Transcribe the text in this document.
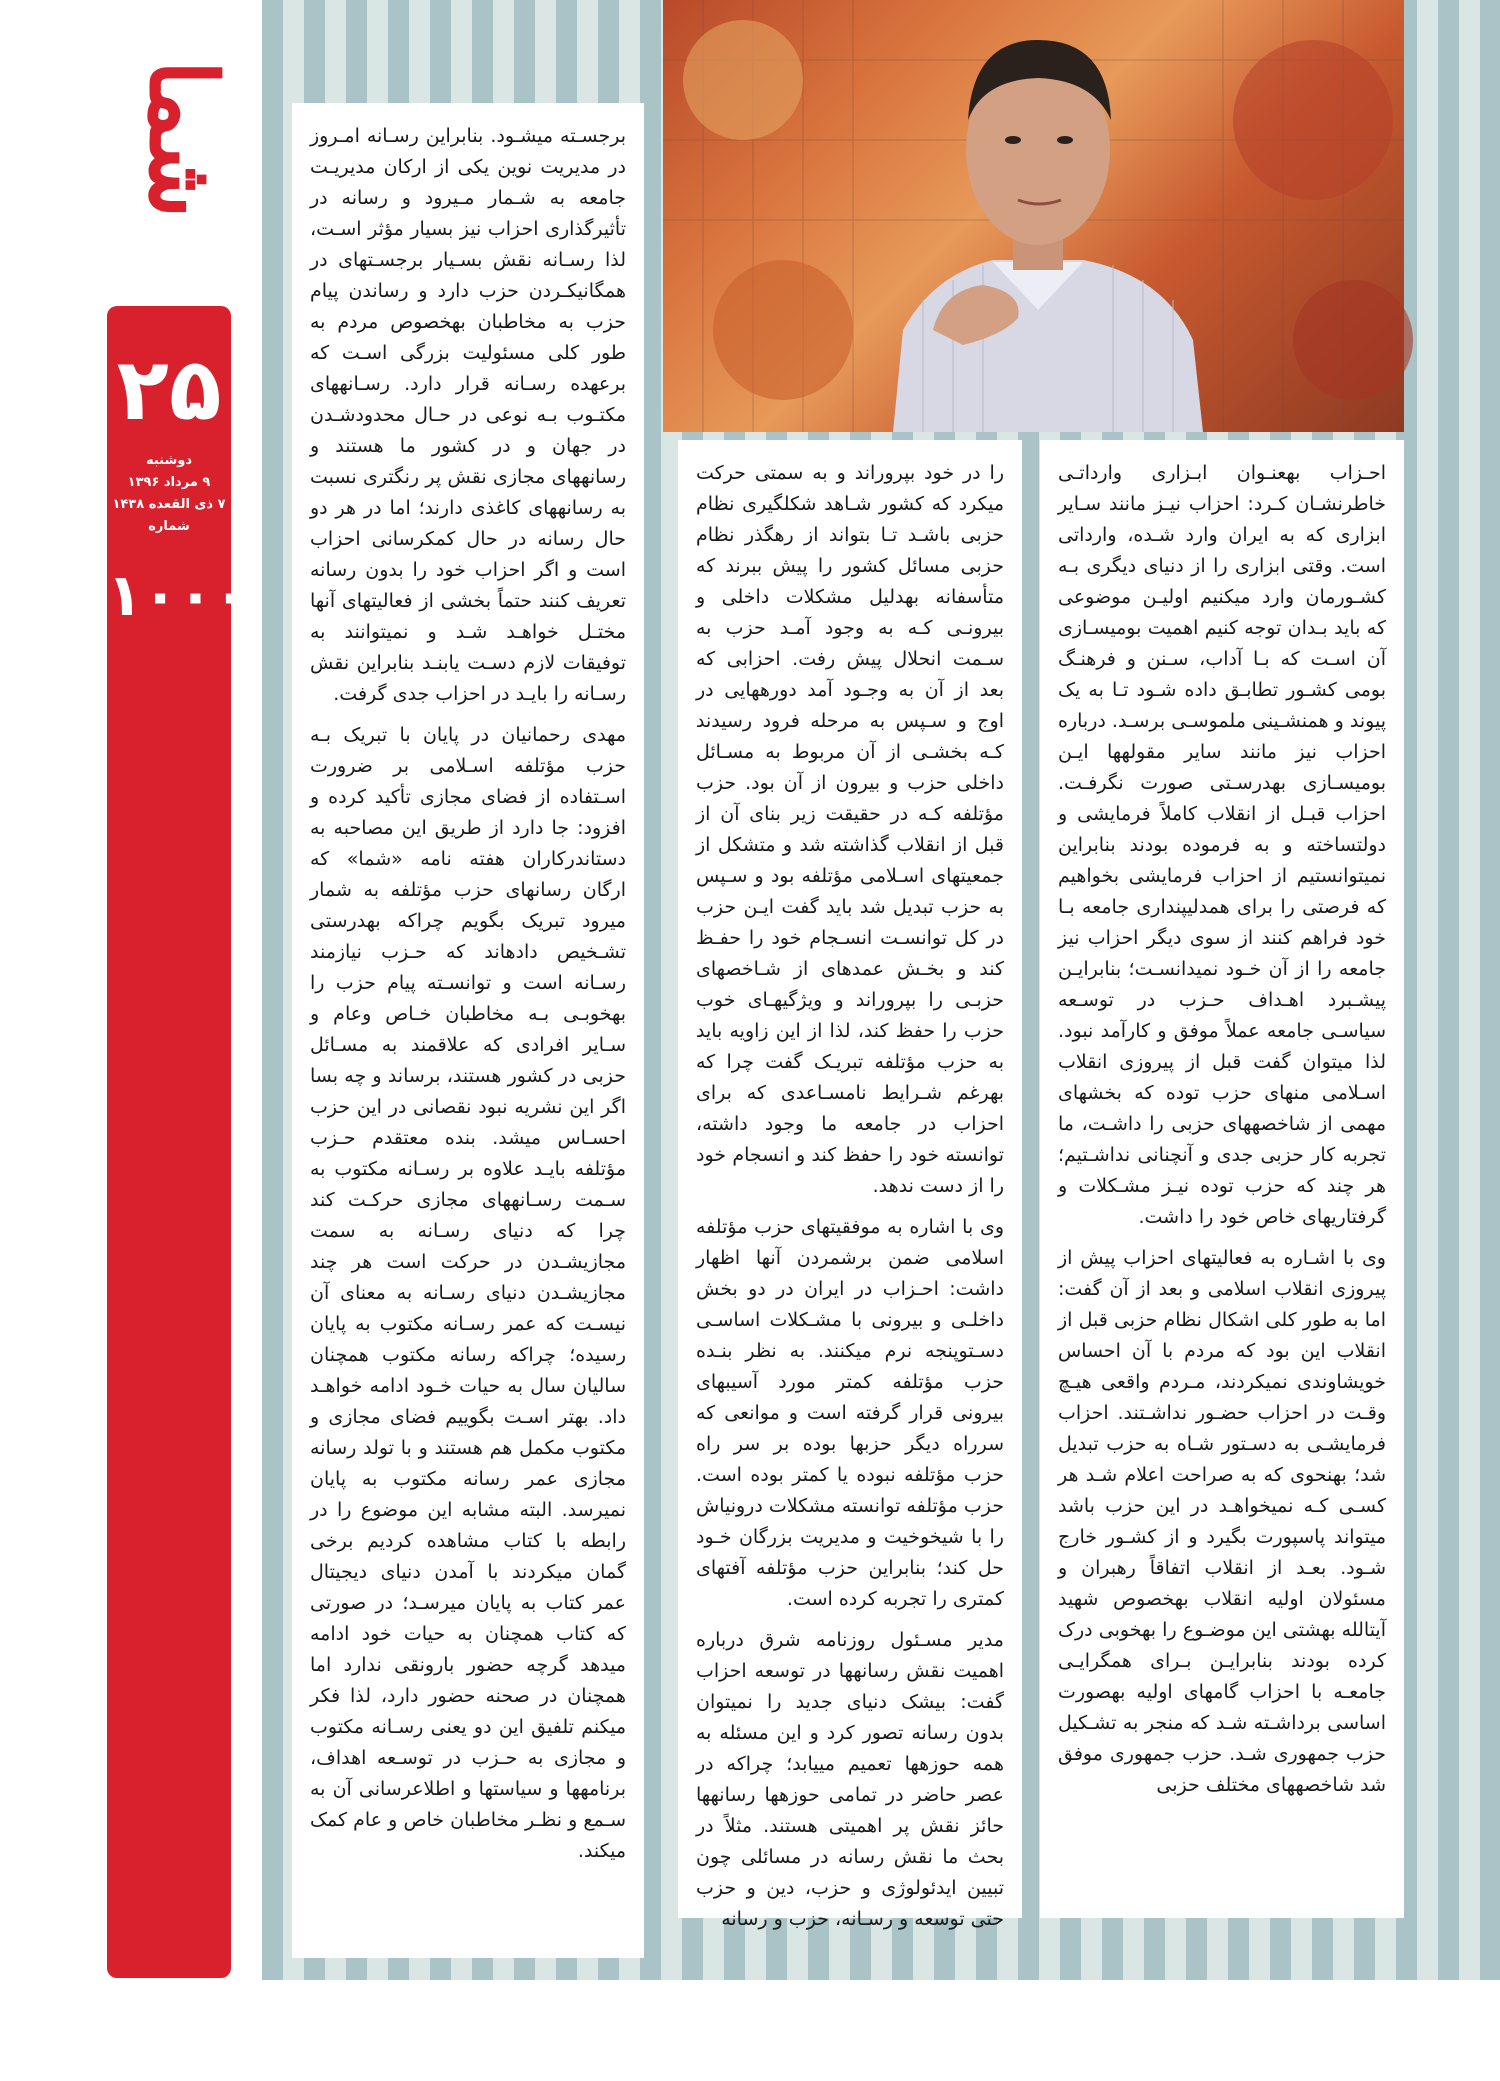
شما
۲۵
دوشنبه
۹ مرداد ۱۳۹۶
۷ ذی القعده ۱۴۳۸
شماره
۱۰۰۰

احـزاب بهعنـوان ابـزاری وارداتـی خاطرنشـان کـرد: احزاب نیـز مانند سـایر ابزاری که به ایران وارد شـده، وارداتی است. وقتی ابزاری را از دنیای دیگری بـه کشـورمان وارد میکنیم اولیـن موضوعی که باید بـدان توجه کنیم اهمیت بومیسـازی آن اسـت که بـا آداب، سـنن و فرهنـگ بومی کشـور تطابـق داده شـود تـا به یک پیوند و همنشـینی ملموسـی برسـد. درباره احزاب نیز مانند سایر مقولهها ایـن بومیسـازی بهدرسـتی صورت نگرفـت. احزاب قبـل از انقلاب کاملاً فرمایشی و دولتساخته و به فرموده بودند بنابراین نمیتوانستیم از احزاب فرمایشی بخواهیم که فرصتی را برای همدلیپنداری جامعه بـا خود فراهم کنند از سوی دیگر احزاب نیز جامعه را از آن خـود نمیدانسـت؛ بنابرایـن پیشـبرد اهـداف حـزب در توسـعه سیاسـی جامعه عملاً موفق و کارآمد نبود. لذا میتوان گفت قبل از پیروزی انقلاب اسـلامی منهای حزب توده که بخشهای مهمی از شاخصههای حزبی را داشـت، ما تجربه کار حزبی جدی و آنچنانی نداشـتیم؛ هر چند که حزب توده نیـز مشـکلات و گرفتاریهای خاص خود را داشت.

وی با اشـاره به فعالیتهای احزاب پیش از پیروزی انقلاب اسلامی و بعد از آن گفت: اما به طور کلی اشکال نظام حزبی قبل از انقلاب این بود که مردم با آن احساس خویشاوندی نمیکردند، مـردم واقعی هیـچ وقـت در احزاب حضـور نداشـتند. احزاب فرمایشـی به دسـتور شـاه به حزب تبدیل شد؛ بهنحوی که به صراحت اعلام شـد هر کسـی کـه نمیخواهـد در این حزب باشد میتواند پاسپورت بگیرد و از کشـور خارج شـود. بعـد از انقلاب اتفاقاً رهبران و مسئولان اولیه انقلاب بهخصوص شهید آیتالله بهشتی این موضـوع را بهخوبی درک کرده بودند بنابرایـن بـرای همگرایـی جامعـه با احزاب گامهای اولیه بهصورت اساسی برداشـته شـد که منجر به تشـکیل حزب جمهوری شـد. حزب جمهوری موفق شد شاخصههای مختلف حزبی

را در خود بپروراند و به سمتی حرکت میکرد که کشور شـاهد شکلگیری نظام حزبی باشـد تـا بتواند از رهگذر نظام حزبی مسائل کشور را پیش ببرند که متأسفانه بهدلیل مشکلات داخلی و بیرونـی کـه به وجود آمـد حزب به سـمت انحلال پیش رفت. احزابی که بعد از آن به وجـود آمد دورههایی در اوج و سـپس به مرحله فرود رسیدند کـه بخشـی از آن مربوط به مسـائل داخلی حزب و بیرون از آن بود. حزب مؤتلفه کـه در حقیقت زیر بنای آن از قبل از انقلاب گذاشته شد و متشکل از جمعیتهای اسـلامی مؤتلفه بود و سـپس به حزب تبدیل شد باید گفت ایـن حزب در کل توانسـت انسـجام خود را حفـظ کند و بخـش عمدهای از شـاخصهای حزبـی را بپروراند و ویژگیهـای خوب حزب را حفظ کند، لذا از این زاویه باید به حزب مؤتلفه تبریـک گفت چرا که بهرغم شـرایط نامسـاعدی که برای احزاب در جامعه ما وجود داشته، توانسته خود را حفظ کند و انسجام خود را از دست ندهد.

وی با اشاره به موفقیتهای حزب مؤتلفه اسلامی ضمن برشمردن آنها اظهار داشت: احـزاب در ایران در دو بخش داخلـی و بیرونی با مشـکلات اساسـی دسـتوپنجه نرم میکنند. به نظر بنـده حزب مؤتلفه کمتر مورد آسیبهای بیرونی قرار گرفته است و موانعی که سرراه دیگر حزبها بوده بر سر راه حزب مؤتلفه نبوده یا کمتر بوده است. حزب مؤتلفه توانسته مشکلات درونیاش را با شیخوخیت و مدیریت بزرگان خـود حل کند؛ بنابراین حزب مؤتلفه آفتهای کمتری را تجربه کرده است.

مدیر مسـئول روزنامه شرق درباره اهمیت نقش رسانهها در توسعه احزاب گفت: بیشک دنیای جدید را نمیتوان بدون رسانه تصور کرد و این مسئله به همه حوزهها تعمیم مییابد؛ چراکه در عصر حاضر در تمامی حوزهها رسانهها حائز نقش پر اهمیتی هستند. مثلاً در بحث ما نقش رسانه در مسائلی چون تبیین ایدئولوژی و حزب، دین و حزب حتی توسعه و رسـانه، حزب و رسانه

برجسـته میشـود. بنابراین رسـانه امـروز در مدیریت نوین یکی از ارکان مدیریـت جامعه به شـمار مـیرود و رسانه در تأثیرگذاری احزاب نیز بسیار مؤثر اسـت، لذا رسـانه نقش بسـیار برجسـتهای در همگانیکـردن حزب دارد و رساندن پیام حزب به مخاطبان بهخصوص مردم به طور کلی مسئولیت بزرگی اسـت که برعهده رسـانه قرار دارد. رسـانههای مکتـوب بـه نوعی در حـال محدودشـدن در جهان و در کشور ما هستند و رسانههای مجازی نقش پر رنگتری نسبت به رسانههای کاغذی دارند؛ اما در هر دو حال رسانه در حال کمکرسانی احزاب است و اگر احزاب خود را بدون رسانه تعریف کنند حتماً بخشی از فعالیتهای آنها مختـل خواهـد شـد و نمیتوانند به توفیقات لازم دسـت یابنـد بنابراین نقش رسـانه را بایـد در احزاب جدی گرفت.

مهدی رحمانیان در پایان با تبریک بـه حزب مؤتلفه اسـلامی بر ضرورت اسـتفاده از فضای مجازی تأکید کرده و افزود: جا دارد از طریق این مصاحبه به دستاندرکاران هفته نامه «شما» که ارگان رسانهای حزب مؤتلفه به شمار میرود تبریک بگویم چراکه بهدرستی تشـخیص دادهاند که حـزب نیازمند رسـانه است و توانسـته پیام حزب را بهخوبـی بـه مخاطبان خـاص وعام و سـایر افرادی که علاقمند به مسـائل حزبی در کشور هستند، برساند و چه بسا اگر این نشریه نبود نقصانی در این حزب احسـاس میشد. بنده معتقدم حـزب مؤتلفه بایـد علاوه بر رسـانه مکتوب به سـمت رسـانههای مجازی حرکـت کند چرا که دنیای رسـانه به سمت مجازیشـدن در حرکت است هر چند مجازیشـدن دنیای رسـانه به معنای آن نیسـت که عمر رسـانه مکتوب به پایان رسیده؛ چراکه رسانه مکتوب همچنان سالیان سال به حیات خـود ادامه خواهـد داد. بهتر اسـت بگوییم فضای مجازی و مکتوب مکمل هم هستند و با تولد رسانه مجازی عمر رسانه مکتوب به پایان نمیرسد. البته مشابه این موضوع را در رابطه با کتاب مشاهده کردیم برخی گمان میکردند با آمدن دنیای دیجیتال عمر کتاب به پایان میرسـد؛ در صورتی که کتاب همچنان به حیات خود ادامه میدهد گرچه حضور بارونقی ندارد اما همچنان در صحنه حضور دارد، لذا فکر میکنم تلفیق این دو یعنی رسـانه مکتوب و مجازی به حـزب در توسـعه اهداف، برنامهها و سیاستها و اطلاعرسانی آن به سـمع و نظـر مخاطبان خاص و عام کمک میکند.
